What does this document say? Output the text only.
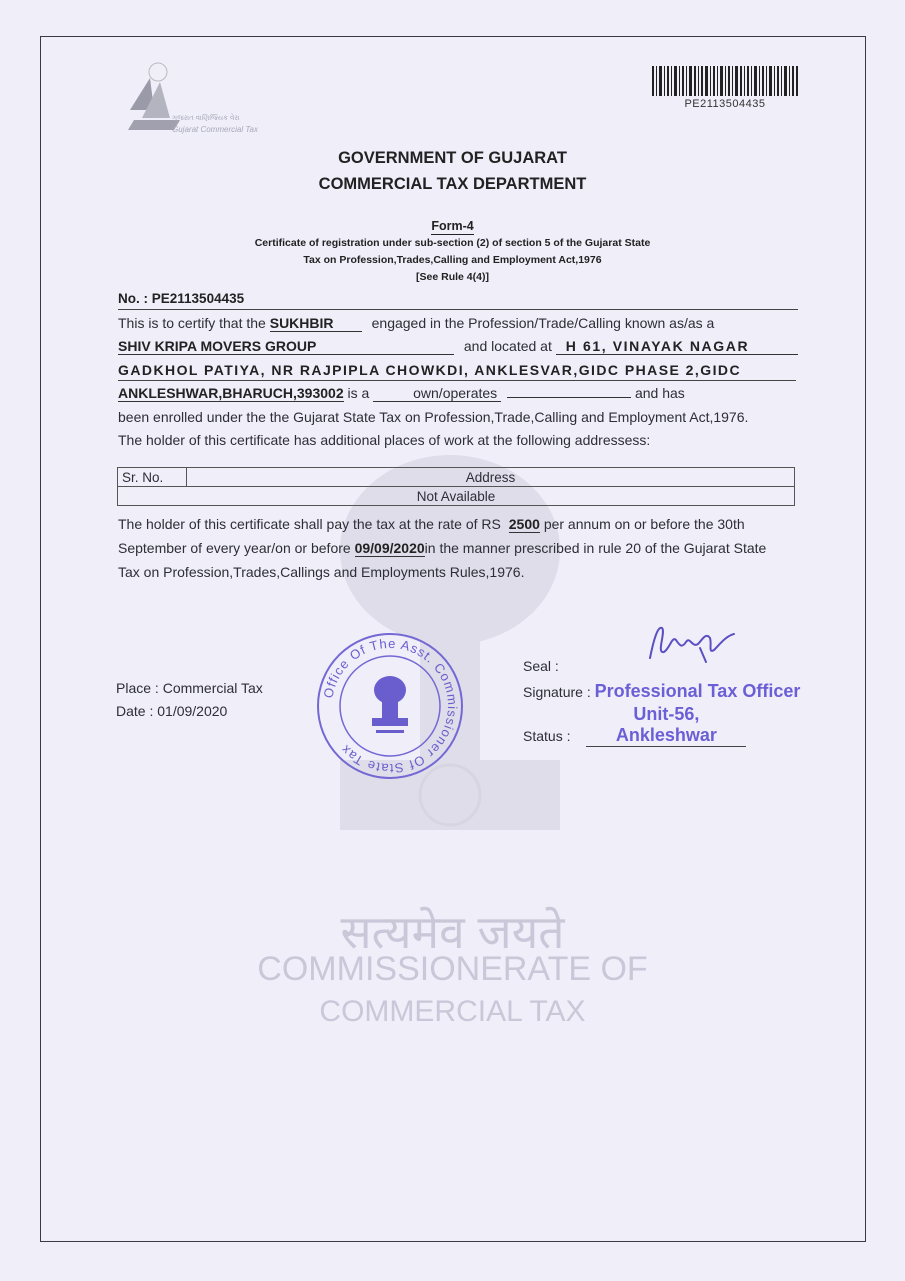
सत्यमेव जयते
COMMISSIONERATE OF
COMMERCIAL TAX
ગુજરાત વાણિજ્યિક વેરા
Gujarat Commercial Tax
PE2113504435
GOVERNMENT OF GUJARAT
COMMERCIAL TAX DEPARTMENT
Form-4
Certificate of registration under sub-section (2) of section 5 of the Gujarat State
Tax on Profession,Trades,Calling and Employment Act,1976
[See Rule 4(4)]
No. : PE2113504435
This is to certify that the SUKHBIR	engaged in the Profession/Trade/Calling known as/as a
SHIV KRIPA MOVERS GROUP	and located at H 61, VINAYAK NAGAR
GADKHOL PATIYA, NR RAJPIPLA CHOWKDI, ANKLESVAR,GIDC PHASE 2,GIDC
ANKLESHWAR,BHARUCH,393002 is a	own/operates	and has
been enrolled under the the Gujarat State Tax on Profession,Trade,Calling and Employment Act,1976.
The holder of this certificate has additional places of work at the following addressess:
Sr. No.	Address
Not Available
The holder of this certificate shall pay the tax at the rate of RS 2500 per annum on or before the 30th
September of every year/on or before 09/09/2020in the manner prescribed in rule 20 of the Gujarat State
Tax on Profession,Trades,Callings and Employments Rules,1976.
Office Of The Asst. Commissioner Of State Tax
Place : Commercial Tax
Date : 01/09/2020
Seal :
Signature : Professional Tax Officer
Status : Unit-56, Ankleshwar
